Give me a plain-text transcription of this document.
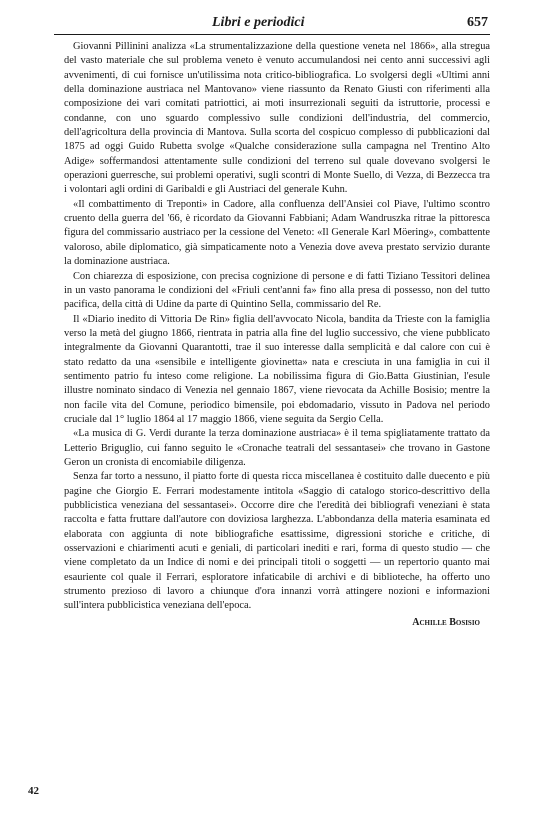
Libri e periodici	657

Giovanni Pillinini analizza «La strumentalizzazione della questione veneta nel 1866», alla stregua del vasto materiale che sul problema veneto è venuto accumulandosi nei cento anni successivi agli avvenimenti, di cui fornisce un'utilissima nota critico-bibliografica. Lo svolgersi degli «Ultimi anni della dominazione austriaca nel Mantovano» viene riassunto da Renato Giusti con riferimenti alla composizione dei vari comitati patriottici, ai moti insurrezionali seguiti da istruttorie, processi e condanne, con uno sguardo complessivo sulle condizioni dell'industria, del commercio, dell'agricoltura della provincia di Mantova. Sulla scorta del cospicuo complesso di pubblicazioni dal 1875 ad oggi Guido Rubetta svolge «Qualche considerazione sulla campagna nel Trentino Alto Adige» soffermandosi attentamente sulle condizioni del terreno sul quale dovevano svolgersi le operazioni guerresche, sui problemi operativi, sugli scontri di Monte Suello, di Vezza, di Bezzecca tra i volontari agli ordini di Garibaldi e gli Austriaci del generale Kuhn.

«Il combattimento di Treponti» in Cadore, alla confluenza dell'Ansiei col Piave, l'ultimo scontro cruento della guerra del '66, è ricordato da Giovanni Fabbiani; Adam Wandruszka ritrae la pittoresca figura del commissario austriaco per la cessione del Veneto: «Il Generale Karl Möering», combattente valoroso, abile diplomatico, già simpaticamente noto a Venezia dove aveva prestato servizio durante la dominazione austriaca.

Con chiarezza di esposizione, con precisa cognizione di persone e di fatti Tiziano Tessitori delinea in un vasto panorama le condizioni del «Friuli cent'anni fa» fino alla presa di possesso, non del tutto pacifica, della città di Udine da parte di Quintino Sella, commissario del Re.

Il «Diario inedito di Vittoria De Rin» figlia dell'avvocato Nicola, bandita da Trieste con la famiglia verso la metà del giugno 1866, rientrata in patria alla fine del luglio successivo, che viene pubblicato integralmente da Giovanni Quarantotti, trae il suo interesse dalla semplicità e dal calore con cui è stato redatto da una «sensibile e intelligente giovinetta» nata e cresciuta in una famiglia in cui il sentimento patrio fu inteso come religione. La nobilissima figura di Gio.Batta Giustinian, l'esule illustre nominato sindaco di Venezia nel gennaio 1867, viene rievocata da Achille Bosisio; mentre la non facile vita del Comune, periodico bimensile, poi ebdomadario, vissuto in Padova nel periodo cruciale dal 1° luglio 1864 al 17 maggio 1866, viene seguita da Sergio Cella.

«La musica di G. Verdi durante la terza dominazione austriaca» è il tema spigliatamente trattato da Letterio Briguglio, cui fanno seguito le «Cronache teatrali del sessantasei» che trovano in Gastone Geron un cronista di encomiabile diligenza.

Senza far torto a nessuno, il piatto forte di questa ricca miscellanea è costituito dalle duecento e più pagine che Giorgio E. Ferrari modestamente intitola «Saggio di catalogo storico-descrittivo della pubblicistica veneziana del sessantasei». Occorre dire che l'eredità dei bibliografi veneziani è stata raccolta e fatta fruttare dall'autore con doviziosa larghezza. L'abbondanza della materia esaminata ed elaborata con aggiunta di note bibliografiche esattissime, digressioni storiche e critiche, di osservazioni e chiarimenti acuti e geniali, di particolari inediti e rari, forma di questo studio — che viene completato da un Indice di nomi e dei principali titoli o soggetti — un repertorio quanto mai esauriente col quale il Ferrari, esploratore infaticabile di archivi e di biblioteche, ha offerto uno strumento prezioso di lavoro a chiunque d'ora innanzi vorrà attingere nozioni e informazioni sull'intera pubblicistica veneziana dell'epoca.

Achille Bosisio
42
